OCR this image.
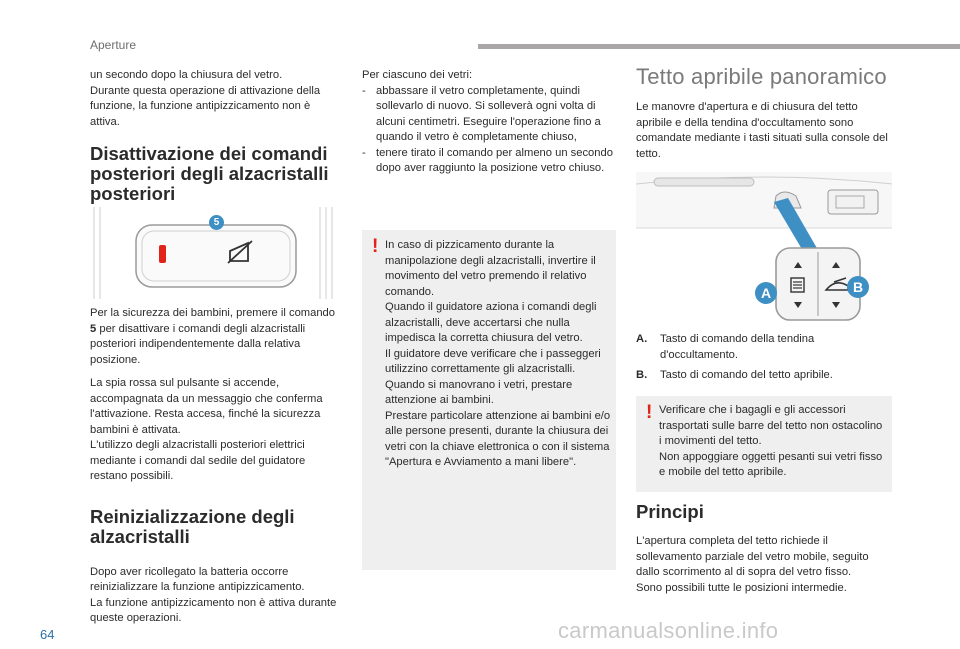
Aperture

un secondo dopo la chiusura del vetro.
Durante questa operazione di attivazione della funzione, la funzione antipizzicamento non è attiva.

Disattivazione dei comandi posteriori degli alzacristalli posteriori
5

Per la sicurezza dei bambini, premere il comando 5 per disattivare i comandi degli alzacristalli posteriori indipendentemente dalla relativa posizione.

La spia rossa sul pulsante si accende, accompagnata da un messaggio che conferma l'attivazione. Resta accesa, finché la sicurezza bambini è attivata.
L'utilizzo degli alzacristalli posteriori elettrici mediante i comandi dal sedile del guidatore restano possibili.

Reinizializzazione degli alzacristalli

Dopo aver ricollegato la batteria occorre reinizializzare la funzione antipizzicamento.
La funzione antipizzicamento non è attiva durante queste operazioni.

Per ciascuno dei vetri:

- abbassare il vetro completamente, quindi sollevarlo di nuovo. Si solleverà ogni volta di alcuni centimetri. Eseguire l'operazione fino a quando il vetro è completamente chiuso,
- tenere tirato il comando per almeno un secondo dopo aver raggiunto la posizione vetro chiuso.
! In caso di pizzicamento durante la manipolazione degli alzacristalli, invertire il movimento del vetro premendo il relativo comando.
Quando il guidatore aziona i comandi degli alzacristalli, deve accertarsi che nulla impedisca la corretta chiusura del vetro.
Il guidatore deve verificare che i passeggeri utilizzino correttamente gli alzacristalli.
Quando si manovrano i vetri, prestare attenzione ai bambini.
Prestare particolare attenzione ai bambini e/o alle persone presenti, durante la chiusura dei vetri con la chiave elettronica o con il sistema "Apertura e Avviamento a mani libere".

Tetto apribile panoramico

Le manovre d'apertura e di chiusura del tetto apribile e della tendina d'occultamento sono comandate mediante i tasti situati sulla console del tetto.

A	B
A.	Tasto di comando della tendina d'occultamento.
B.	Tasto di comando del tetto apribile.
! Verificare che i bagagli e gli accessori trasportati sulle barre del tetto non ostacolino i movimenti del tetto.
Non appoggiare oggetti pesanti sui vetri fisso e mobile del tetto apribile.

Principi

L'apertura completa del tetto richiede il sollevamento parziale del vetro mobile, seguito dallo scorrimento al di sopra del vetro fisso.
Sono possibili tutte le posizioni intermedie.

64	carmanualsonline.info
